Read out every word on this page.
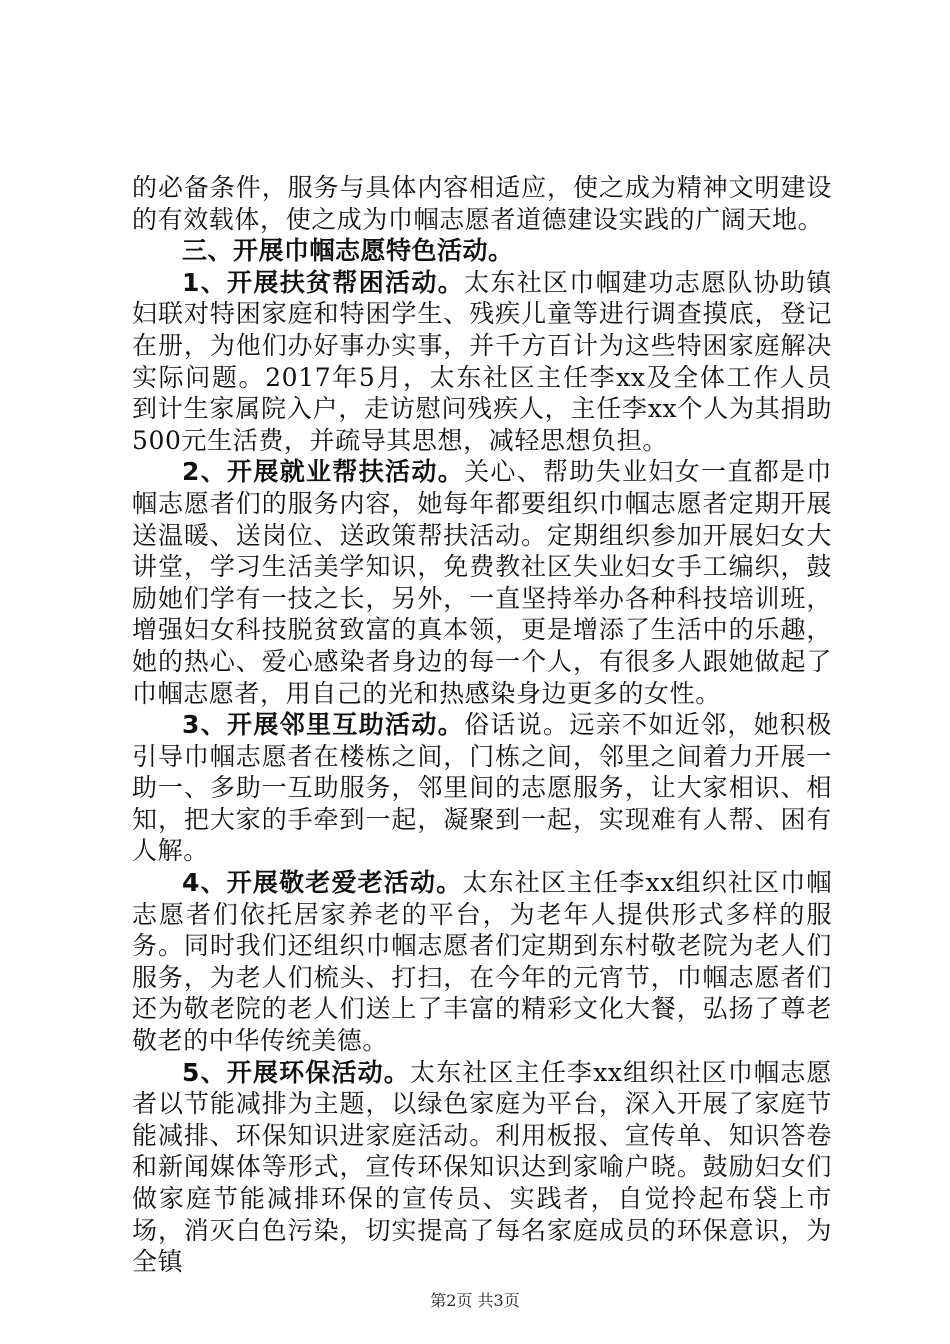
的必备条件，服务与具体内容相适应，使之成为精神文明建设的有效载体，使之成为巾帼志愿者道德建设实践的广阔天地。

三、开展巾帼志愿特色活动。

1、开展扶贫帮困活动。太东社区巾帼建功志愿队协助镇妇联对特困家庭和特困学生、残疾儿童等进行调查摸底，登记在册，为他们办好事办实事，并千方百计为这些特困家庭解决实际问题。2017年5月，太东社区主任李xx及全体工作人员到计生家属院入户，走访慰问残疾人，主任李xx个人为其捐助500元生活费，并疏导其思想，减轻思想负担。

2、开展就业帮扶活动。关心、帮助失业妇女一直都是巾帼志愿者们的服务内容，她每年都要组织巾帼志愿者定期开展送温暖、送岗位、送政策帮扶活动。定期组织参加开展妇女大讲堂，学习生活美学知识，免费教社区失业妇女手工编织，鼓励她们学有一技之长，另外，一直坚持举办各种科技培训班，增强妇女科技脱贫致富的真本领，更是增添了生活中的乐趣，她的热心、爱心感染者身边的每一个人，有很多人跟她做起了巾帼志愿者，用自己的光和热感染身边更多的女性。

3、开展邻里互助活动。俗话说。远亲不如近邻，她积极引导巾帼志愿者在楼栋之间，门栋之间，邻里之间着力开展一助一、多助一互助服务，邻里间的志愿服务，让大家相识、相知，把大家的手牵到一起，凝聚到一起，实现难有人帮、困有人解。

4、开展敬老爱老活动。太东社区主任李xx组织社区巾帼志愿者们依托居家养老的平台，为老年人提供形式多样的服务。同时我们还组织巾帼志愿者们定期到东村敬老院为老人们服务，为老人们梳头、打扫，在今年的元宵节，巾帼志愿者们还为敬老院的老人们送上了丰富的精彩文化大餐，弘扬了尊老敬老的中华传统美德。

5、开展环保活动。太东社区主任李xx组织社区巾帼志愿者以节能减排为主题，以绿色家庭为平台，深入开展了家庭节能减排、环保知识进家庭活动。利用板报、宣传单、知识答卷和新闻媒体等形式，宣传环保知识达到家喻户晓。鼓励妇女们做家庭节能减排环保的宣传员、实践者，自觉拎起布袋上市场，消灭白色污染，切实提高了每名家庭成员的环保意识，为全镇

第2页 共3页
